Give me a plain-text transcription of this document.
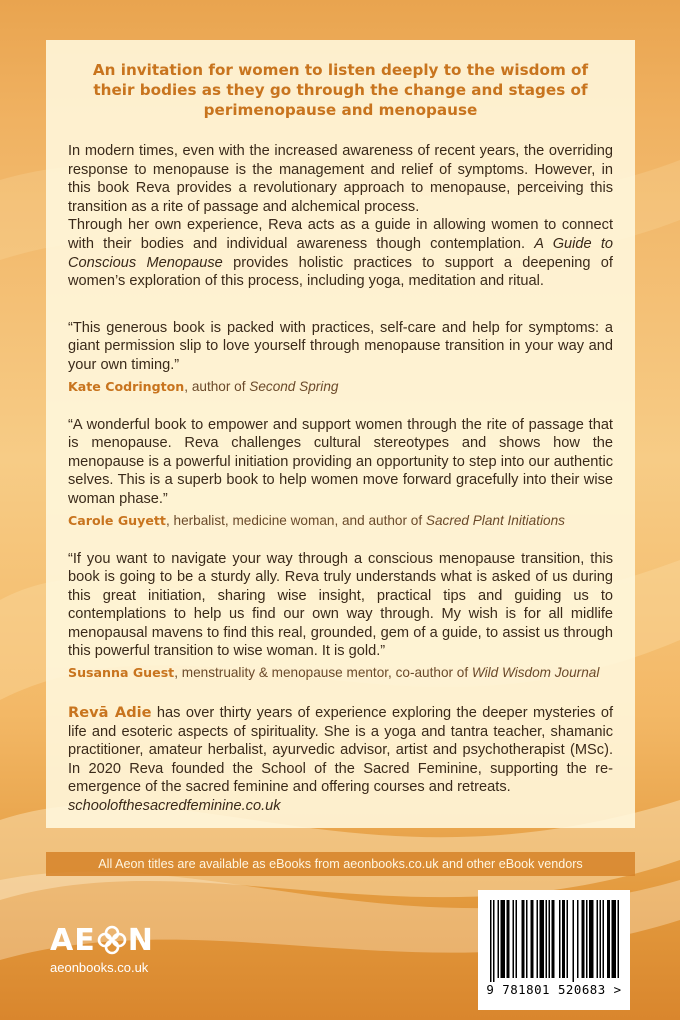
An invitation for women to listen deeply to the wisdom of their bodies as they go through the change and stages of perimenopause and menopause

In modern times, even with the increased awareness of recent years, the overriding response to menopause is the management and relief of symptoms. However, in this book Reva provides a revolutionary approach to menopause, perceiving this transition as a rite of passage and alchemical process.

Through her own experience, Reva acts as a guide in allowing women to connect with their bodies and individual awareness though contemplation. A Guide to Conscious Menopause provides holistic practices to support a deepening of women’s exploration of this process, including yoga, meditation and ritual.

“This generous book is packed with practices, self-care and help for symptoms: a giant permission slip to love yourself through menopause transition in your way and your own timing.”

Kate Codrington, author of Second Spring

“A wonderful book to empower and support women through the rite of passage that is menopause. Reva challenges cultural stereotypes and shows how the menopause is a powerful initiation providing an opportunity to step into our authentic selves. This is a superb book to help women move forward gracefully into their wise woman phase.”

Carole Guyett, herbalist, medicine woman, and author of Sacred Plant Initiations

“If you want to navigate your way through a conscious menopause transition, this book is going to be a sturdy ally. Reva truly understands what is asked of us during this great initiation, sharing wise insight, practical tips and guiding us to contemplations to help us find our own way through. My wish is for all midlife menopausal mavens to find this real, grounded, gem of a guide, to assist us through this powerful transition to wise woman. It is gold.”

Susanna Guest, menstruality & menopause mentor, co-author of Wild Wisdom Journal

Revā Adie has over thirty years of experience exploring the deeper mysteries of life and esoteric aspects of spirituality. She is a yoga and tantra teacher, shamanic practitioner, amateur herbalist, ayurvedic advisor, artist and psychotherapist (MSc). In 2020 Reva founded the School of the Sacred Feminine, supporting the re-emergence of the sacred feminine and offering courses and retreats.

schoolofthesacredfeminine.co.uk

All Aeon titles are available as eBooks from aeonbooks.co.uk and other eBook vendors
AE N
aeonbooks.co.uk
9 781801 520683 >
